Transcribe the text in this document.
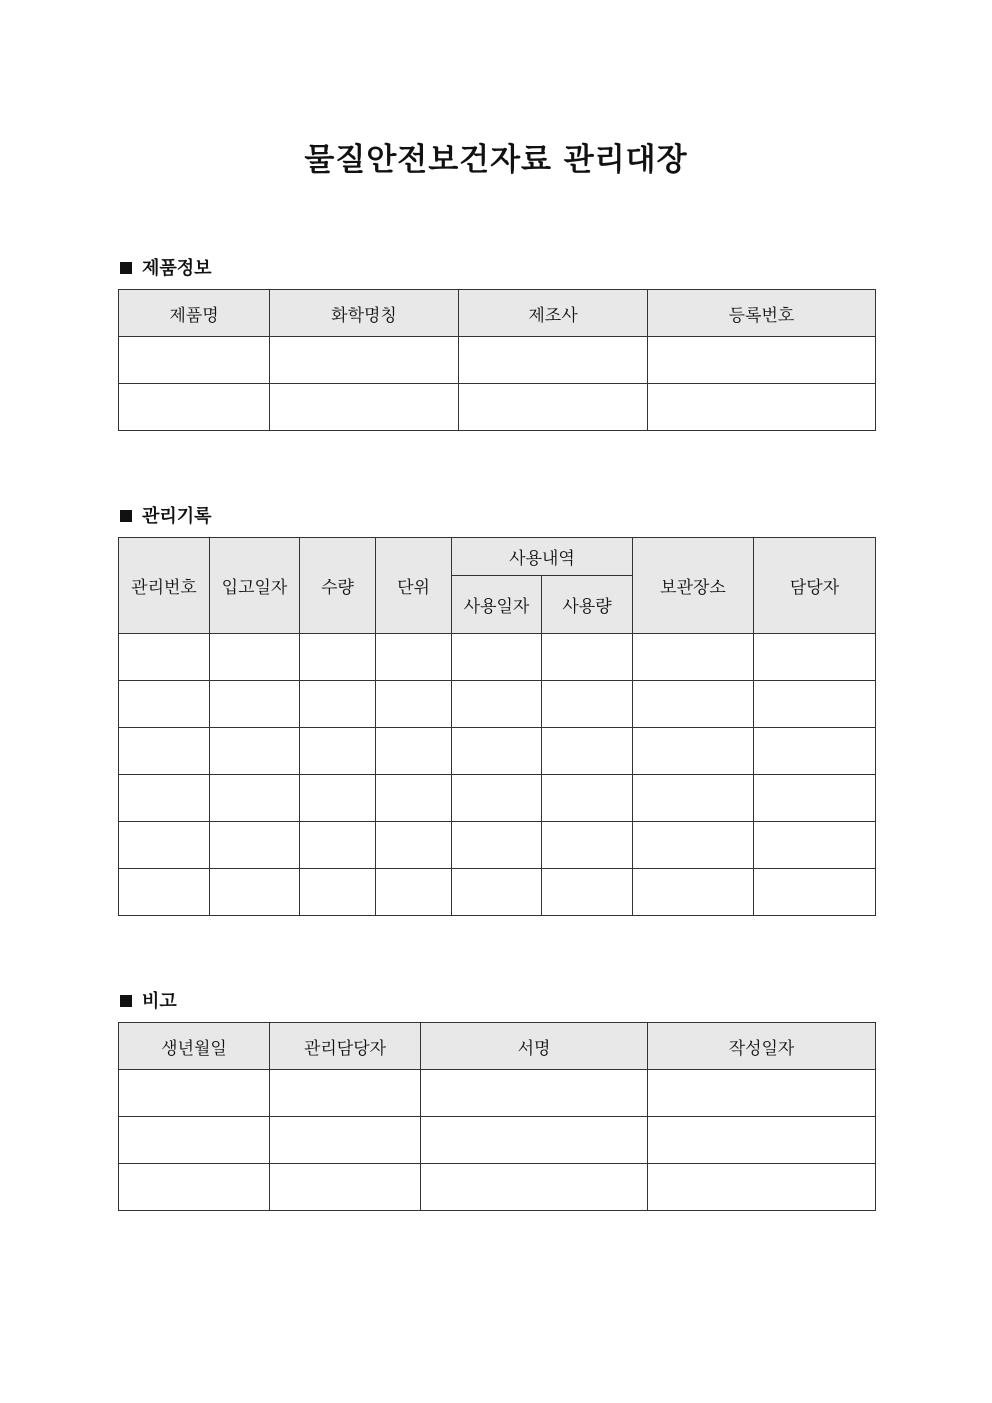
물질안전보건자료 관리대장
제품정보
제품명	화학명칭	제조사	등록번호

관리기록
관리번호	입고일자	수량	단위	사용내역		보관장소	담당자
				사용일자	사용량		

비고
생년월일	관리담당자	서명	작성일자
